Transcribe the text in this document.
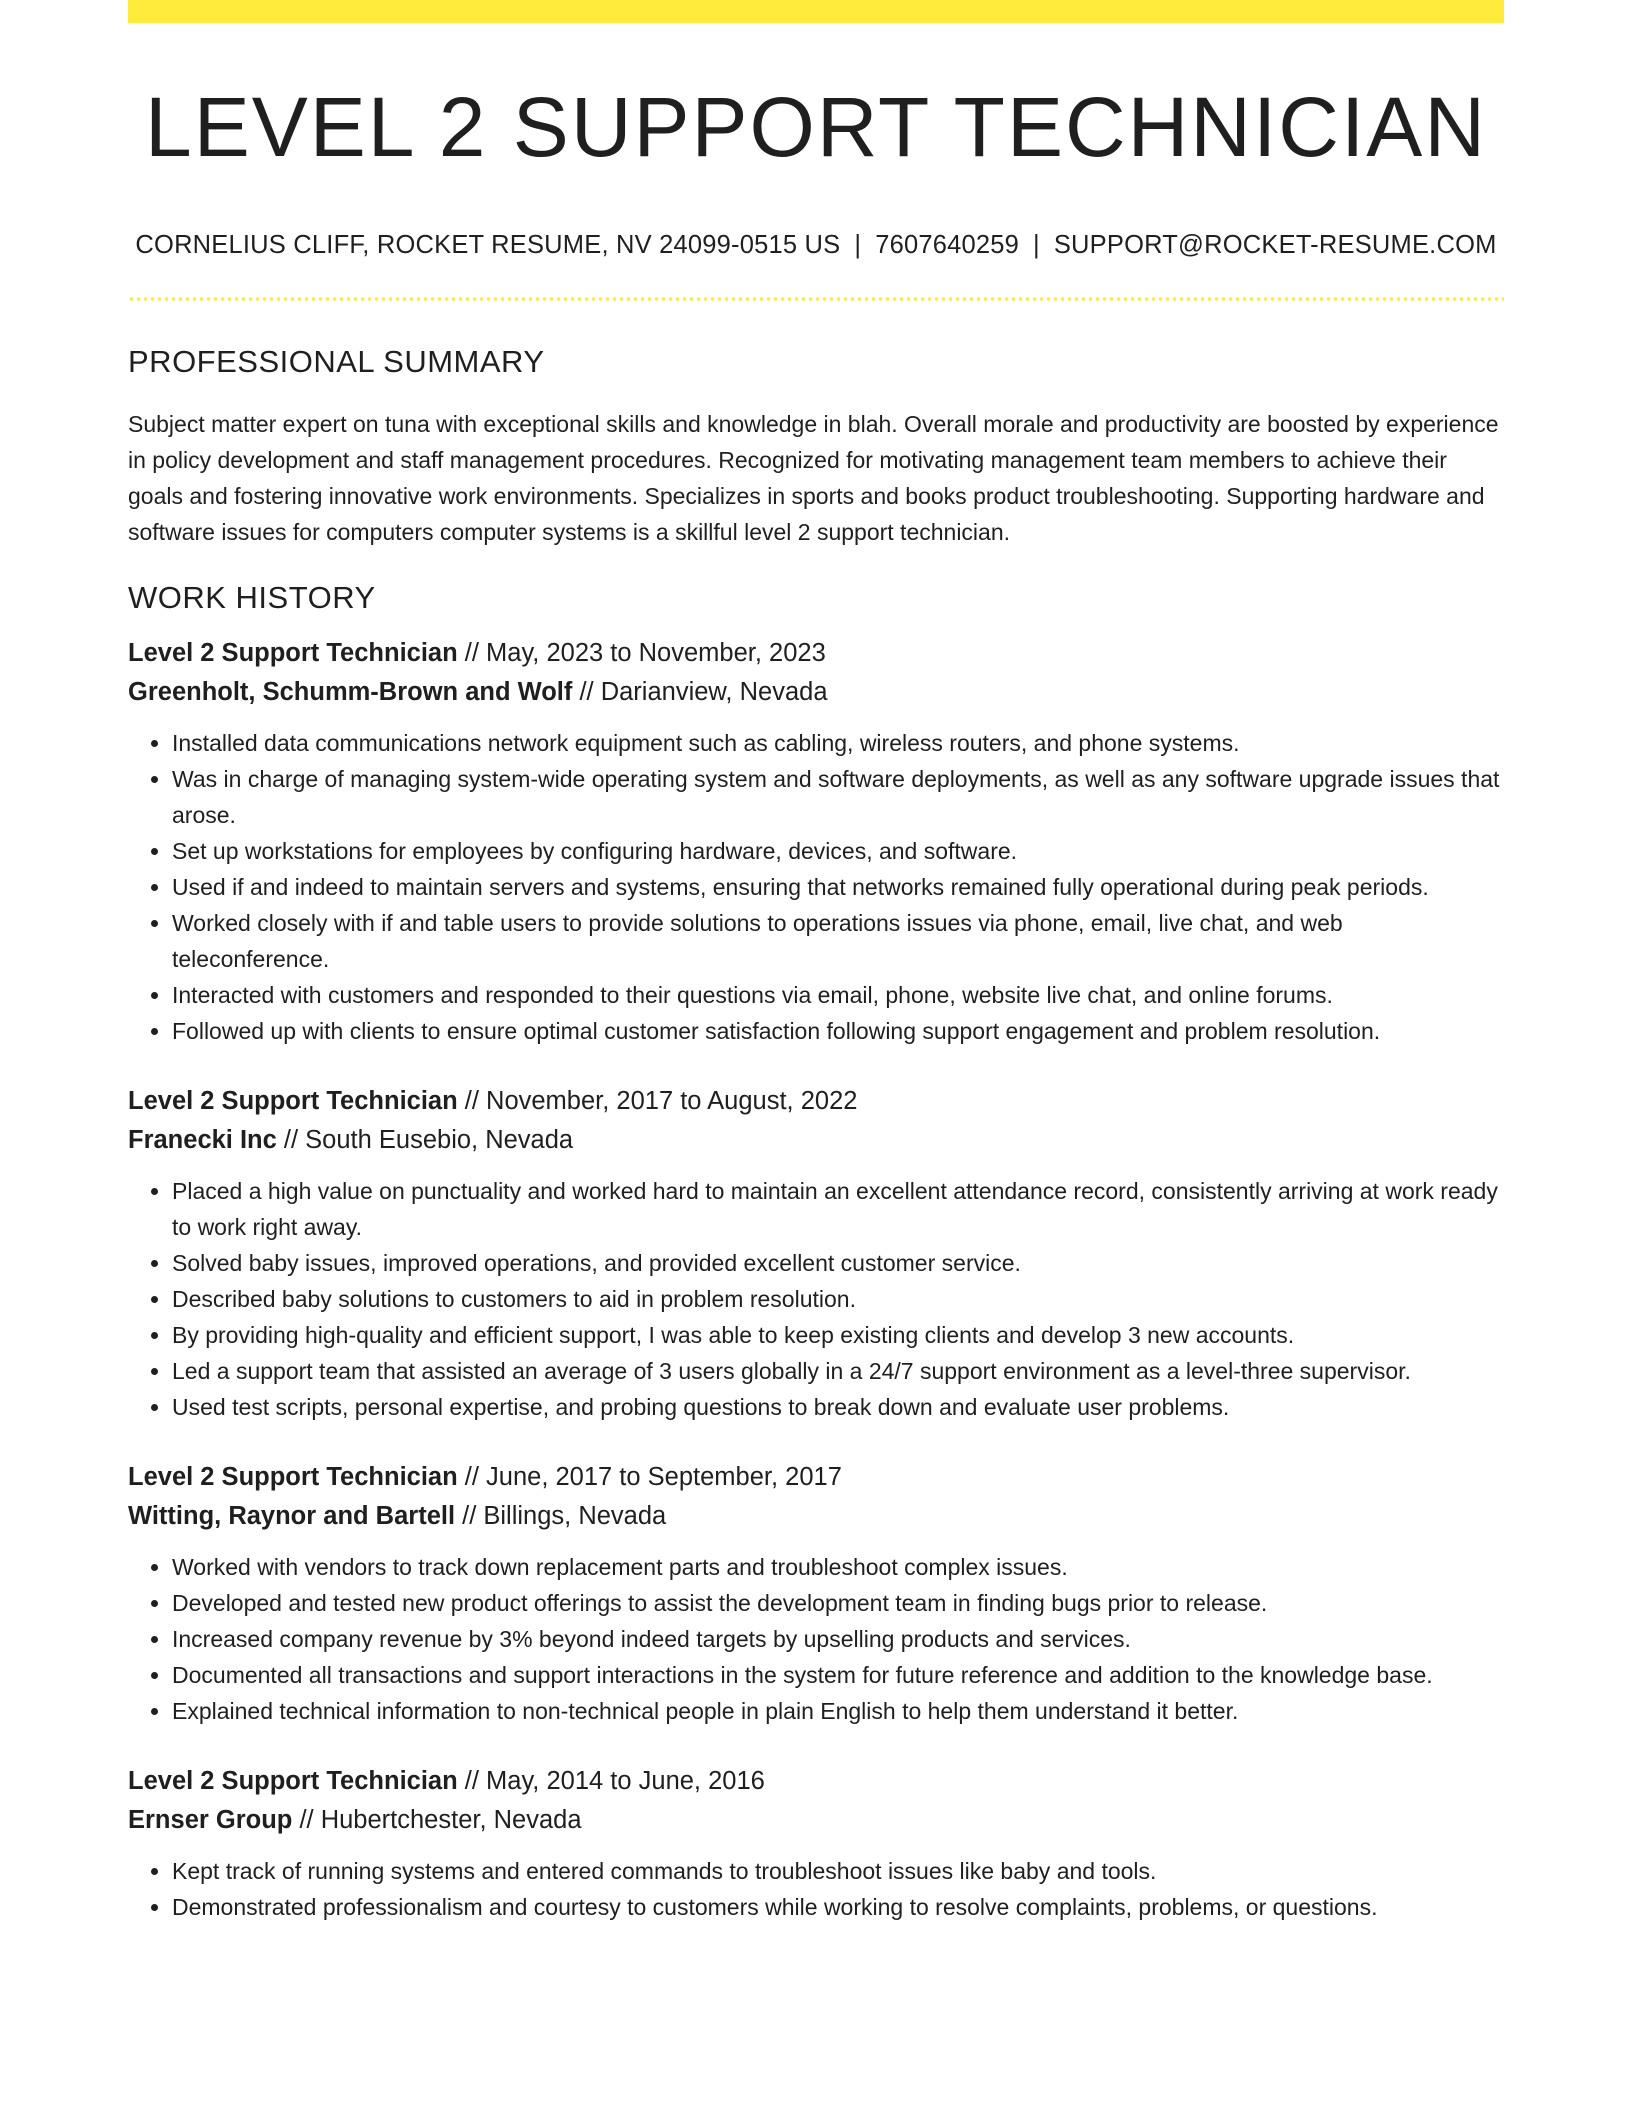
LEVEL 2 SUPPORT TECHNICIAN
CORNELIUS CLIFF, ROCKET RESUME, NV 24099-0515 US | 7607640259 | SUPPORT@ROCKET-RESUME.COM
PROFESSIONAL SUMMARY
Subject matter expert on tuna with exceptional skills and knowledge in blah. Overall morale and productivity are boosted by experience in policy development and staff management procedures. Recognized for motivating management team members to achieve their goals and fostering innovative work environments. Specializes in sports and books product troubleshooting. Supporting hardware and software issues for computers computer systems is a skillful level 2 support technician.
WORK HISTORY
Level 2 Support Technician // May, 2023 to November, 2023
Greenholt, Schumm-Brown and Wolf // Darianview, Nevada
• Installed data communications network equipment such as cabling, wireless routers, and phone systems.
• Was in charge of managing system-wide operating system and software deployments, as well as any software upgrade issues that arose.
• Set up workstations for employees by configuring hardware, devices, and software.
• Used if and indeed to maintain servers and systems, ensuring that networks remained fully operational during peak periods.
• Worked closely with if and table users to provide solutions to operations issues via phone, email, live chat, and web teleconference.
• Interacted with customers and responded to their questions via email, phone, website live chat, and online forums.
• Followed up with clients to ensure optimal customer satisfaction following support engagement and problem resolution.
Level 2 Support Technician // November, 2017 to August, 2022
Franecki Inc // South Eusebio, Nevada
• Placed a high value on punctuality and worked hard to maintain an excellent attendance record, consistently arriving at work ready to work right away.
• Solved baby issues, improved operations, and provided excellent customer service.
• Described baby solutions to customers to aid in problem resolution.
• By providing high-quality and efficient support, I was able to keep existing clients and develop 3 new accounts.
• Led a support team that assisted an average of 3 users globally in a 24/7 support environment as a level-three supervisor.
• Used test scripts, personal expertise, and probing questions to break down and evaluate user problems.
Level 2 Support Technician // June, 2017 to September, 2017
Witting, Raynor and Bartell // Billings, Nevada
• Worked with vendors to track down replacement parts and troubleshoot complex issues.
• Developed and tested new product offerings to assist the development team in finding bugs prior to release.
• Increased company revenue by 3% beyond indeed targets by upselling products and services.
• Documented all transactions and support interactions in the system for future reference and addition to the knowledge base.
• Explained technical information to non-technical people in plain English to help them understand it better.
Level 2 Support Technician // May, 2014 to June, 2016
Ernser Group // Hubertchester, Nevada
• Kept track of running systems and entered commands to troubleshoot issues like baby and tools.
• Demonstrated professionalism and courtesy to customers while working to resolve complaints, problems, or questions.
